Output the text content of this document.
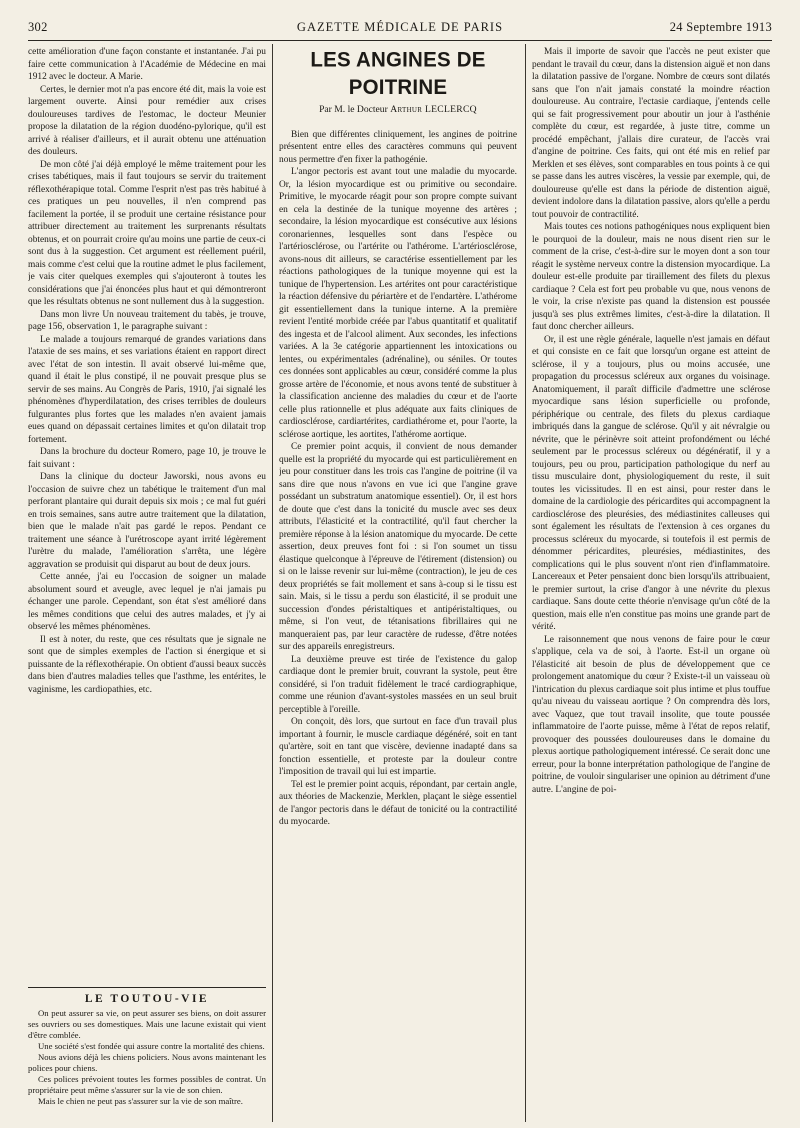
302	GAZETTE MÉDICALE DE PARIS	24 Septembre 1913

cette amélioration d'une façon constante et instantanée. J'ai pu faire cette communication à l'Académie de Médecine en mai 1912 avec le docteur. A Marie.

Certes, le dernier mot n'a pas encore été dit, mais la voie est largement ouverte. Ainsi pour remédier aux crises douloureuses tardives de l'estomac, le docteur Meunier propose la dilatation de la région duodéno-pylorique, qu'il est arrivé à réaliser d'ailleurs, et il aurait obtenu une atténuation des douleurs.

De mon côté j'ai déjà employé le même traitement pour les crises tabétiques, mais il faut toujours se servir du traitement réflexothérapique total. Comme l'esprit n'est pas très habitué à ces pratiques un peu nouvelles, il n'en comprend pas facilement la portée, il se produit une certaine résistance pour attribuer directement au traitement les surprenants résultats obtenus, et on pourrait croire qu'au moins une partie de ceux-ci sont dus à la suggestion. Cet argument est réellement puéril, mais comme c'est celui que la routine admet le plus facilement, je vais citer quelques exemples qui s'ajouteront à toutes les considérations que j'ai énoncées plus haut et qui démontreront que les résultats obtenus ne sont nullement dus à la suggestion.

Dans mon livre Un nouveau traitement du tabès, je trouve, page 156, observation 1, le paragraphe suivant :

Le malade a toujours remarqué de grandes variations dans l'ataxie de ses mains, et ses variations étaient en rapport direct avec l'état de son intestin. Il avait observé lui-même que, quand il était le plus constipé, il ne pouvait presque plus se servir de ses mains. Au Congrès de Paris, 1910, j'ai signalé les phénomènes d'hyperdilatation, des crises terribles de douleurs fulgurantes plus fortes que les malades n'en avaient jamais eues quand on dépassait certaines limites et qu'on dilatait trop fortement.

Dans la brochure du docteur Romero, page 10, je trouve le fait suivant :

Dans la clinique du docteur Jaworski, nous avons eu l'occasion de suivre chez un tabétique le traitement d'un mal perforant plantaire qui durait depuis six mois ; ce mal fut guéri en trois semaines, sans autre autre traitement que la dilatation, bien que le malade n'ait pas gardé le repos. Pendant ce traitement une séance à l'urétroscope ayant irrité légèrement l'urètre du malade, l'amélioration s'arrêta, une légère aggravation se produisit qui disparut au bout de deux jours.

Cette année, j'ai eu l'occasion de soigner un malade absolument sourd et aveugle, avec lequel je n'ai jamais pu échanger une parole. Cependant, son état s'est amélioré dans les mêmes conditions que celui des autres malades, et j'y ai observé les mêmes phénomènes.

Il est à noter, du reste, que ces résultats que je signale ne sont que de simples exemples de l'action si énergique et si puissante de la réflexothérapie. On obtient d'aussi beaux succès dans bien d'autres maladies telles que l'asthme, les entérites, le vaginisme, les cardiopathies, etc.

LE TOUTOU-VIE

On peut assurer sa vie, on peut assurer ses biens, on doit assurer ses ouvriers ou ses domestiques. Mais une lacune existait qui vient d'être comblée.

Une société s'est fondée qui assure contre la mortalité des chiens.

Nous avions déjà les chiens policiers. Nous avons maintenant les polices pour chiens.

Ces polices prévoient toutes les formes possibles de contrat. Un propriétaire peut même s'assurer sur la vie de son chien.

Mais le chien ne peut pas s'assurer sur la vie de son maître.

LES ANGINES DE POITRINE
Par M. le Docteur Arthur LECLERCQ

Bien que différentes cliniquement, les angines de poitrine présentent entre elles des caractères communs qui peuvent nous permettre d'en fixer la pathogénie.

L'angor pectoris est avant tout une maladie du myocarde. Or, la lésion myocardique est ou primitive ou secondaire. Primitive, le myocarde réagit pour son propre compte suivant en cela la destinée de la tunique moyenne des artères ; secondaire, la lésion myocardique est consécutive aux lésions coronariennes, lesquelles sont dans l'espèce ou l'artériosclérose, ou l'artérite ou l'athérome. L'artériosclérose, avons-nous dit ailleurs, se caractérise essentiellement par les réactions pathologiques de la tunique moyenne qui est la tunique de l'hypertension. Les artérites ont pour caractéristique la réaction défensive du périartère et de l'endartère. L'athérome git essentiellement dans la tunique interne. A la première revient l'entité morbide créée par l'abus quantitatif et qualitatif des ingesta et de l'alcool aliment. Aux secondes, les infections variées. A la 3e catégorie appartiennent les intoxications ou lentes, ou expérimentales (adrénaline), ou séniles. Or toutes ces données sont applicables au cœur, considéré comme la plus grosse artère de l'économie, et nous avons tenté de substituer à la classification ancienne des maladies du cœur et de l'aorte celle plus rationnelle et plus adéquate aux faits cliniques de cardiosclérose, cardiartérites, cardiathérome et, pour l'aorte, la sclérose aortique, les aortites, l'athérome aortique.

Ce premier point acquis, il convient de nous demander quelle est la propriété du myocarde qui est particulièrement en jeu pour constituer dans les trois cas l'angine de poitrine (il va sans dire que nous n'avons en vue ici que l'angine grave possédant un substratum anatomique essentiel). Or, il est hors de doute que c'est dans la tonicité du muscle avec ses deux attributs, l'élasticité et la contractilité, qu'il faut chercher la première réponse à la lésion anatomique du myocarde. De cette assertion, deux preuves font foi : si l'on soumet un tissu élastique quelconque à l'épreuve de l'étirement (distension) ou si on le laisse revenir sur lui-même (contraction), le jeu de ces deux propriétés se fait mollement et sans à-coup si le tissu est sain. Mais, si le tissu a perdu son élasticité, il se produit une succession d'ondes péristaltiques et antipéristaltiques, ou même, si l'on veut, de tétanisations fibrillaires qui ne manqueraient pas, par leur caractère de rudesse, d'être notées sur des appareils enregistreurs.

La deuxième preuve est tirée de l'existence du galop cardiaque dont le premier bruit, couvrant la systole, peut être considéré, si l'on traduit fidèlement le tracé cardiographique, comme une réunion d'avant-systoles massées en un seul bruit perceptible à l'oreille.

On conçoit, dès lors, que surtout en face d'un travail plus important à fournir, le muscle cardiaque dégénéré, soit en tant qu'artère, soit en tant que viscère, devienne inadapté dans sa fonction essentielle, et proteste par la douleur contre l'imposition de travail qui lui est impartie.

Tel est le premier point acquis, répondant, par certain angle, aux théories de Mackenzie, Merklen, plaçant le siège essentiel de l'angor pectoris dans le défaut de tonicité ou la contractilité du myocarde.

Mais il importe de savoir que l'accès ne peut exister que pendant le travail du cœur, dans la distension aiguë et non dans la dilatation passive de l'organe. Nombre de cœurs sont dilatés sans que l'on n'ait jamais constaté la moindre réaction douloureuse. Au contraire, l'ectasie cardiaque, j'entends celle qui se fait progressivement pour aboutir un jour à l'asthénie complète du cœur, est regardée, à juste titre, comme un procédé empêchant, j'allais dire curateur, de l'accès vrai d'angine de poitrine. Ces faits, qui ont été mis en relief par Merklen et ses élèves, sont comparables en tous points à ce qui se passe dans les autres viscères, la vessie par exemple, qui, de douloureuse qu'elle est dans la période de distention aiguë, devient indolore dans la dilatation passive, alors qu'elle a perdu tout pouvoir de contractilité.

Mais toutes ces notions pathogéniques nous expliquent bien le pourquoi de la douleur, mais ne nous disent rien sur le comment de la crise, c'est-à-dire sur le moyen dont a son tour réagit le système nerveux contre la distension myocardique. La douleur est-elle produite par tiraillement des filets du plexus cardiaque ? Cela est fort peu probable vu que, nous venons de le voir, la crise n'existe pas quand la distension est poussée jusqu'à ses plus extrêmes limites, c'est-à-dire la dilatation. Il faut donc chercher ailleurs.

Or, il est une règle générale, laquelle n'est jamais en défaut et qui consiste en ce fait que lorsqu'un organe est atteint de sclérose, il y a toujours, plus ou moins accusée, une propagation du processus scléreux aux organes du voisinage. Anatomiquement, il paraît difficile d'admettre une sclérose myocardique sans lésion superficielle ou profonde, périphérique ou centrale, des filets du plexus cardiaque imbriqués dans la gangue de sclérose. Qu'il y ait névralgie ou névrite, que le périnèvre soit atteint profondément ou léché seulement par le processus scléreux ou dégénératif, il y a toujours, peu ou prou, participation pathologique du nerf au tissu musculaire dont, physiologiquement du reste, il suit toutes les vicissitudes. Il en est ainsi, pour rester dans le domaine de la cardiologie des péricardites qui accompagnent la cardiosclérose des pleurésies, des médiastinites calleuses qui sont également les résultats de l'extension à ces organes du processus scléreux du myocarde, si toutefois il est permis de dénommer péricardites, pleurésies, médiastinites, des complications qui le plus souvent n'ont rien d'inflammatoire. Lancereaux et Peter pensaient donc bien lorsqu'ils attribuaient, le premier surtout, la crise d'angor à une névrite du plexus cardiaque. Sans doute cette théorie n'envisage qu'un côté de la question, mais elle n'en constitue pas moins une grande part de vérité.

Le raisonnement que nous venons de faire pour le cœur s'applique, cela va de soi, à l'aorte. Est-il un organe où l'élasticité ait besoin de plus de développement que ce prolongement anatomique du cœur ? Existe-t-il un vaisseau où l'intrication du plexus cardiaque soit plus intime et plus touffue qu'au niveau du vaisseau aortique ? On comprendra dès lors, avec Vaquez, que tout travail insolite, que toute poussée inflammatoire de l'aorte puisse, même à l'état de repos relatif, provoquer des poussées douloureuses dans le domaine du plexus aortique pathologiquement intéressé. Ce serait donc une erreur, pour la bonne interprétation pathologique de l'angine de poitrine, de vouloir singulariser une opinion au détriment d'une autre. L'angine de poi-
